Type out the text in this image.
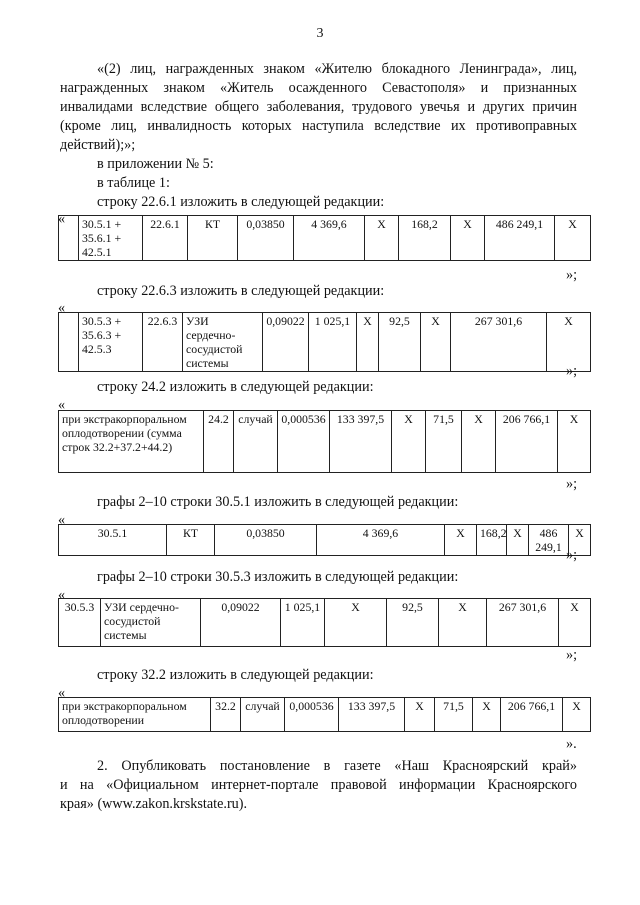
3
«(2) лиц, награжденных знаком «Жителю блокадного Ленинграда», лиц,
награжденных знаком «Житель осажденного Севастополя» и признанных
инвалидами вследствие общего заболевания, трудового увечья и других причин
(кроме лиц, инвалидность которых наступила вследствие их противоправных
действий);»;
в приложении № 5:
в таблице 1:
строку 22.6.1 изложить в следующей редакции:
«
	30.5.1 + 35.6.1 + 42.5.1	22.6.1	КТ	0,03850	4 369,6	Х	168,2	Х	486 249,1	Х
»;
строку 22.6.3 изложить в следующей редакции:
«
	30.5.3 + 35.6.3 + 42.5.3	22.6.3	УЗИ сердечно-сосудистой системы	0,09022	1 025,1	Х	92,5	Х	267 301,6	Х
»;
строку 24.2 изложить в следующей редакции:
«
при экстракорпоральном оплодотворении (сумма строк 32.2+37.2+44.2)	24.2	случай	0,000536	133 397,5	Х	71,5	Х	206 766,1	Х
»;
графы 2–10 строки 30.5.1 изложить в следующей редакции:
«
30.5.1	КТ	0,03850	4 369,6	Х	168,2	Х	486 249,1	Х
»;
графы 2–10 строки 30.5.3 изложить в следующей редакции:
«
30.5.3	УЗИ сердечно-сосудистой системы	0,09022	1 025,1	Х	92,5	Х	267 301,6	Х
»;
строку 32.2 изложить в следующей редакции:
«
при экстракорпоральном оплодотворении	32.2	случай	0,000536	133 397,5	Х	71,5	Х	206 766,1	Х
».
2. Опубликовать постановление в газете «Наш Красноярский край»
и на «Официальном интернет-портале правовой информации Красноярского
края» (www.zakon.krskstate.ru).
